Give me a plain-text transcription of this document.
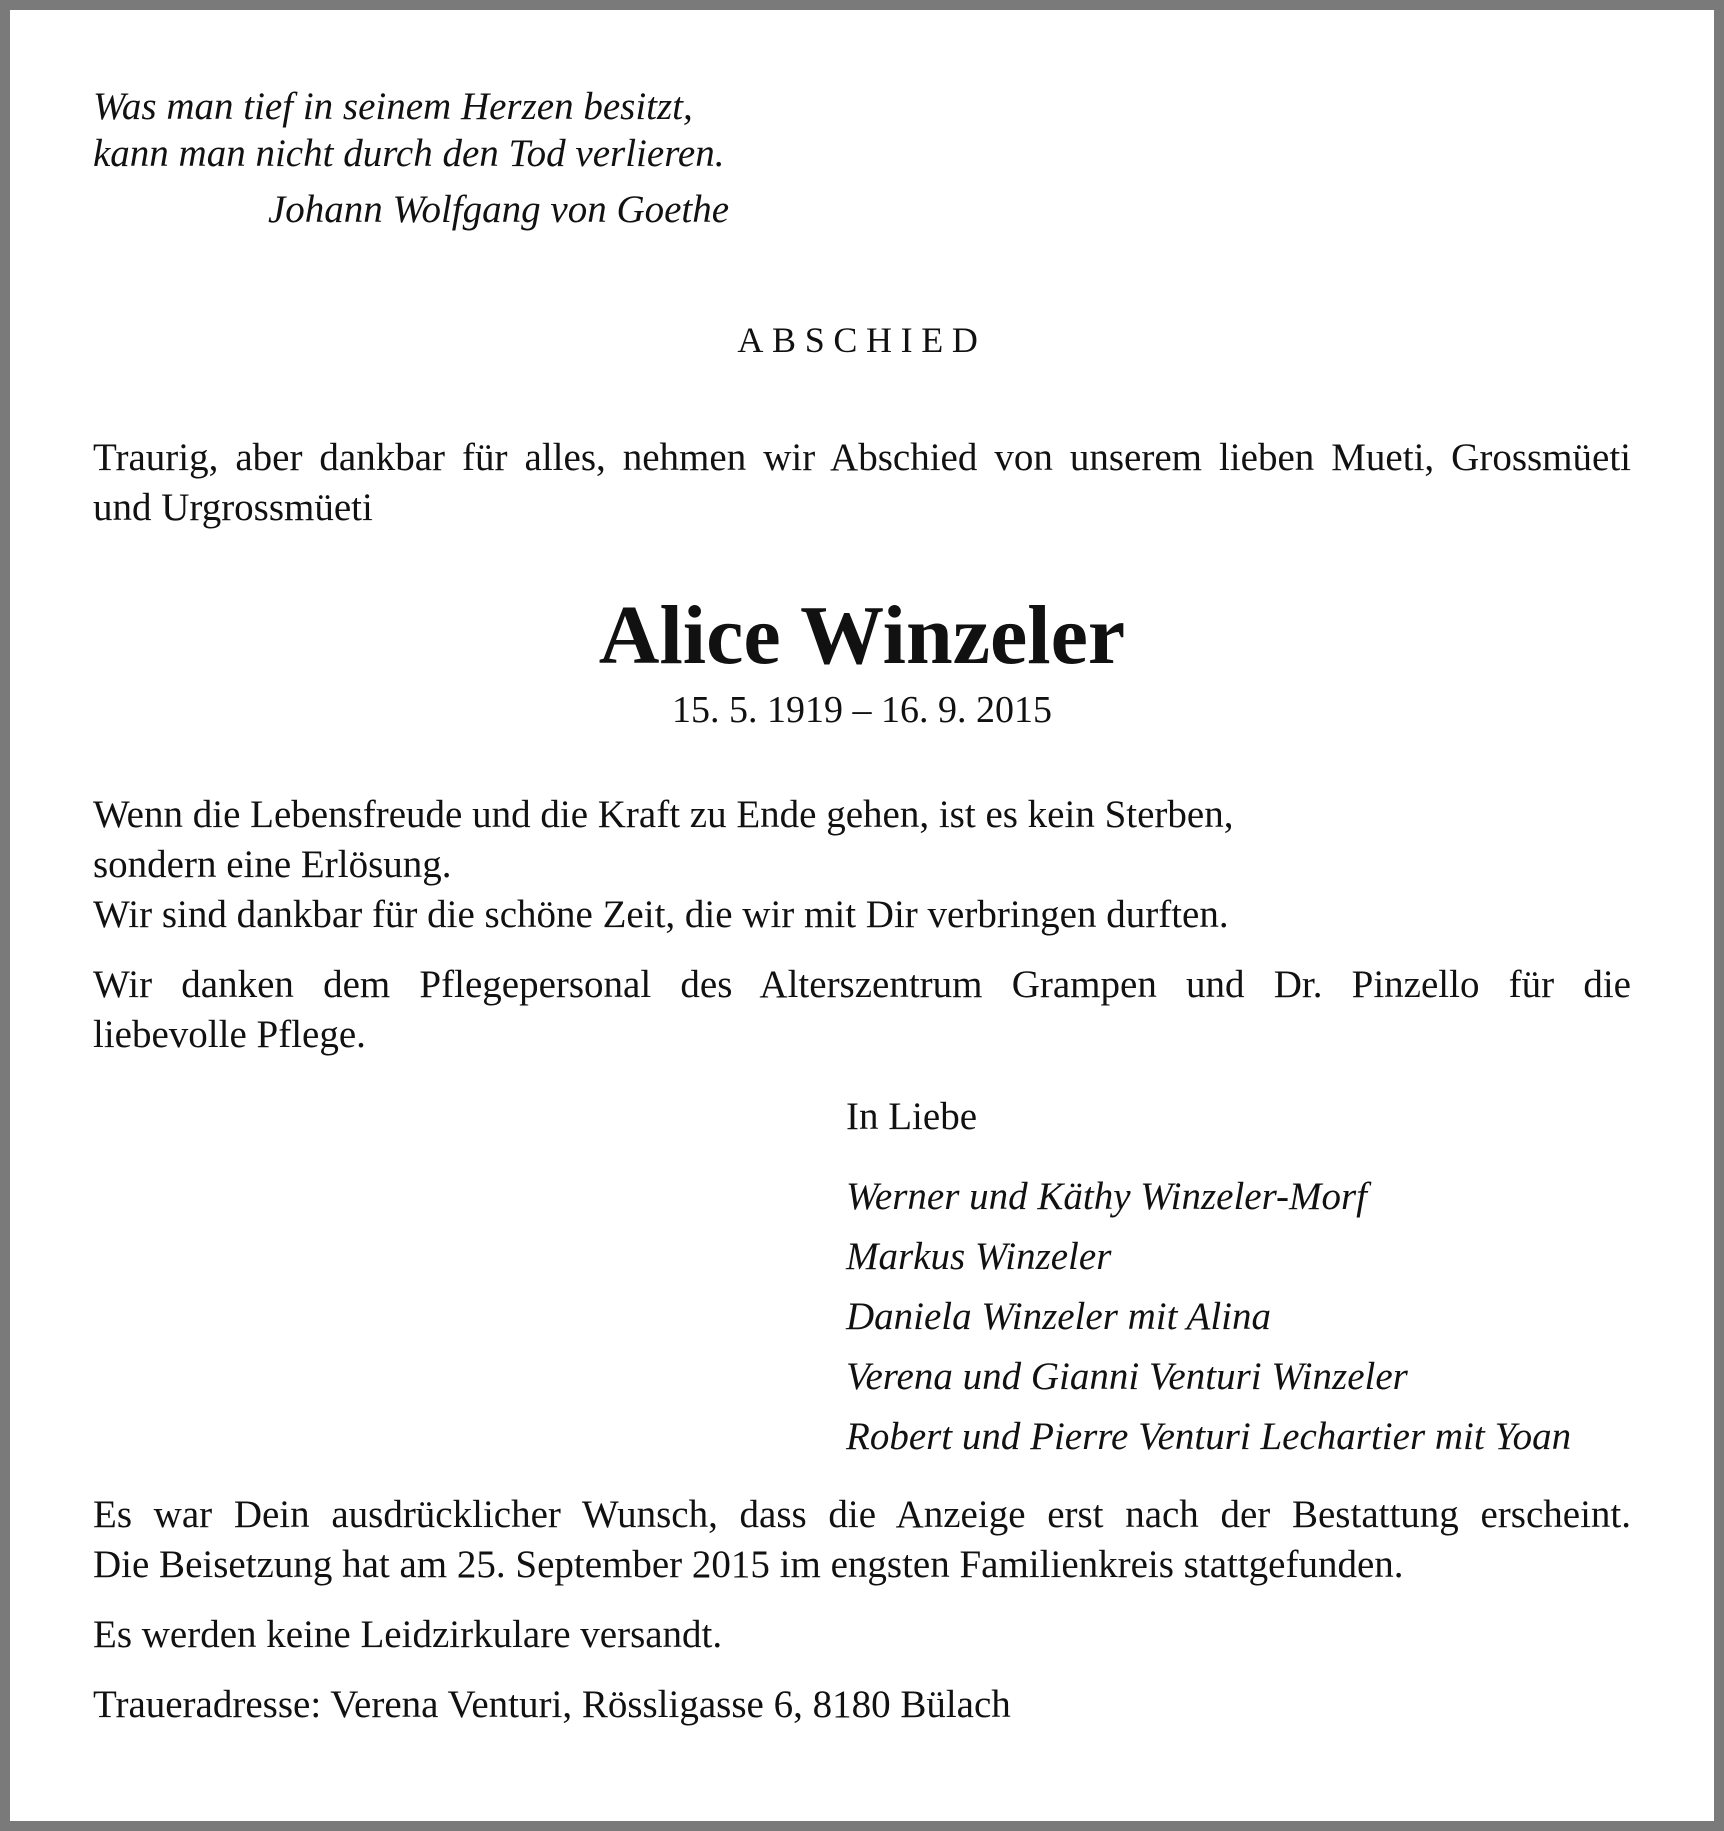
Was man tief in seinem Herzen besitzt,
kann man nicht durch den Tod verlieren.
Johann Wolfgang von Goethe
ABSCHIED
Traurig, aber dankbar für alles, nehmen wir Abschied von unserem lieben Mueti, Grossmüeti
und Urgrossmüeti
Alice Winzeler
15. 5. 1919 – 16. 9. 2015
Wenn die Lebensfreude und die Kraft zu Ende gehen, ist es kein Sterben,
sondern eine Erlösung.
Wir sind dankbar für die schöne Zeit, die wir mit Dir verbringen durften.
Wir danken dem Pflegepersonal des Alterszentrum Grampen und Dr. Pinzello für die
liebevolle Pflege.
In Liebe
Werner und Käthy Winzeler-Morf
Markus Winzeler
Daniela Winzeler mit Alina
Verena und Gianni Venturi Winzeler
Robert und Pierre Venturi Lechartier mit Yoan
Es war Dein ausdrücklicher Wunsch, dass die Anzeige erst nach der Bestattung erscheint.
Die Beisetzung hat am 25. September 2015 im engsten Familienkreis stattgefunden.
Es werden keine Leidzirkulare versandt.
Traueradresse: Verena Venturi, Rössligasse 6, 8180 Bülach
